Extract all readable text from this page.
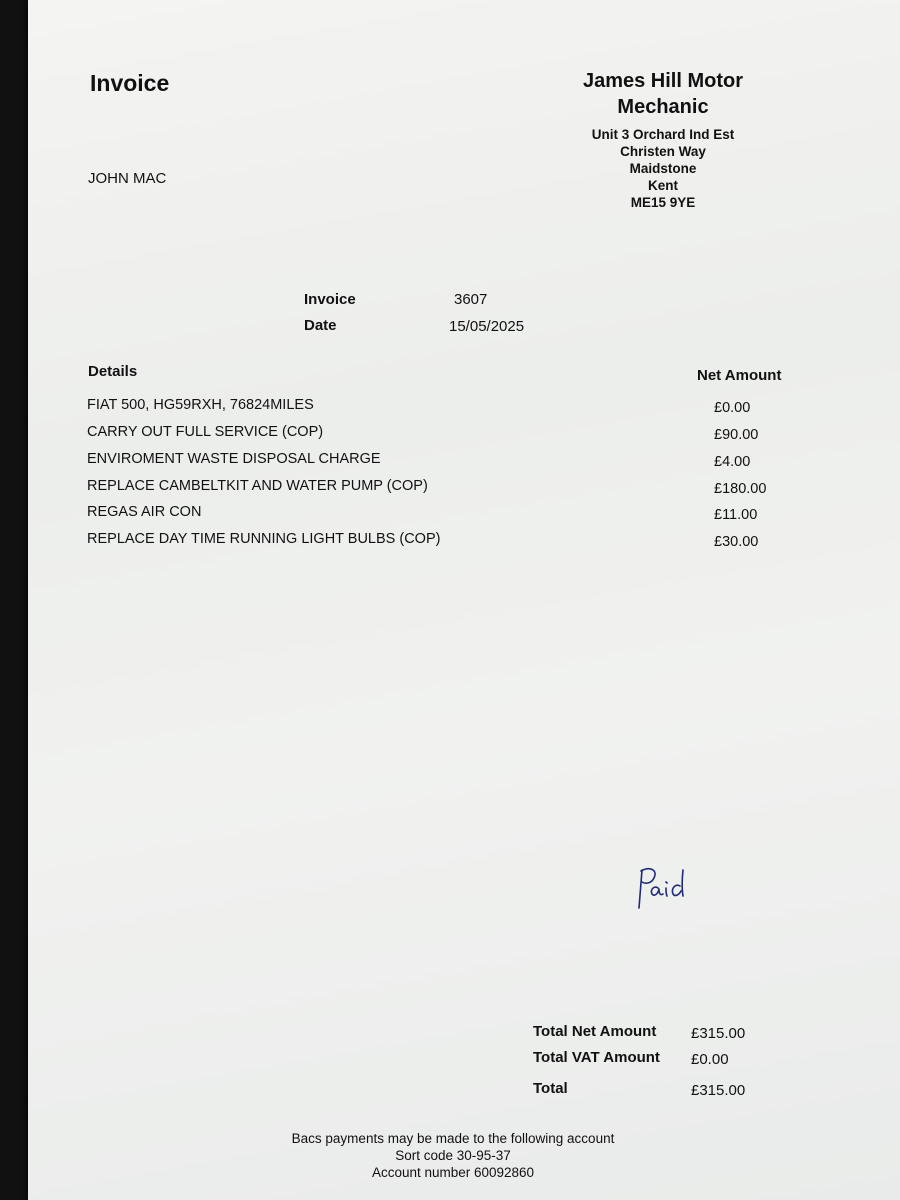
Invoice
JOHN MAC
James Hill Motor
Mechanic
Unit 3 Orchard Ind Est
Christen Way
Maidstone
Kent
ME15 9YE
Invoice	3607
Date	15/05/2025
Details	Net Amount
FIAT 500, HG59RXH, 76824MILES	£0.00
CARRY OUT FULL SERVICE (COP)	£90.00
ENVIROMENT WASTE DISPOSAL CHARGE	£4.00
REPLACE CAMBELTKIT AND WATER PUMP (COP)	£180.00
REGAS AIR CON	£11.00
REPLACE DAY TIME RUNNING LIGHT BULBS (COP)	£30.00
Total Net Amount £315.00
Total VAT Amount £0.00
Total	£315.00
Bacs payments may be made to the following account
Sort code 30-95-37
Account number 60092860
